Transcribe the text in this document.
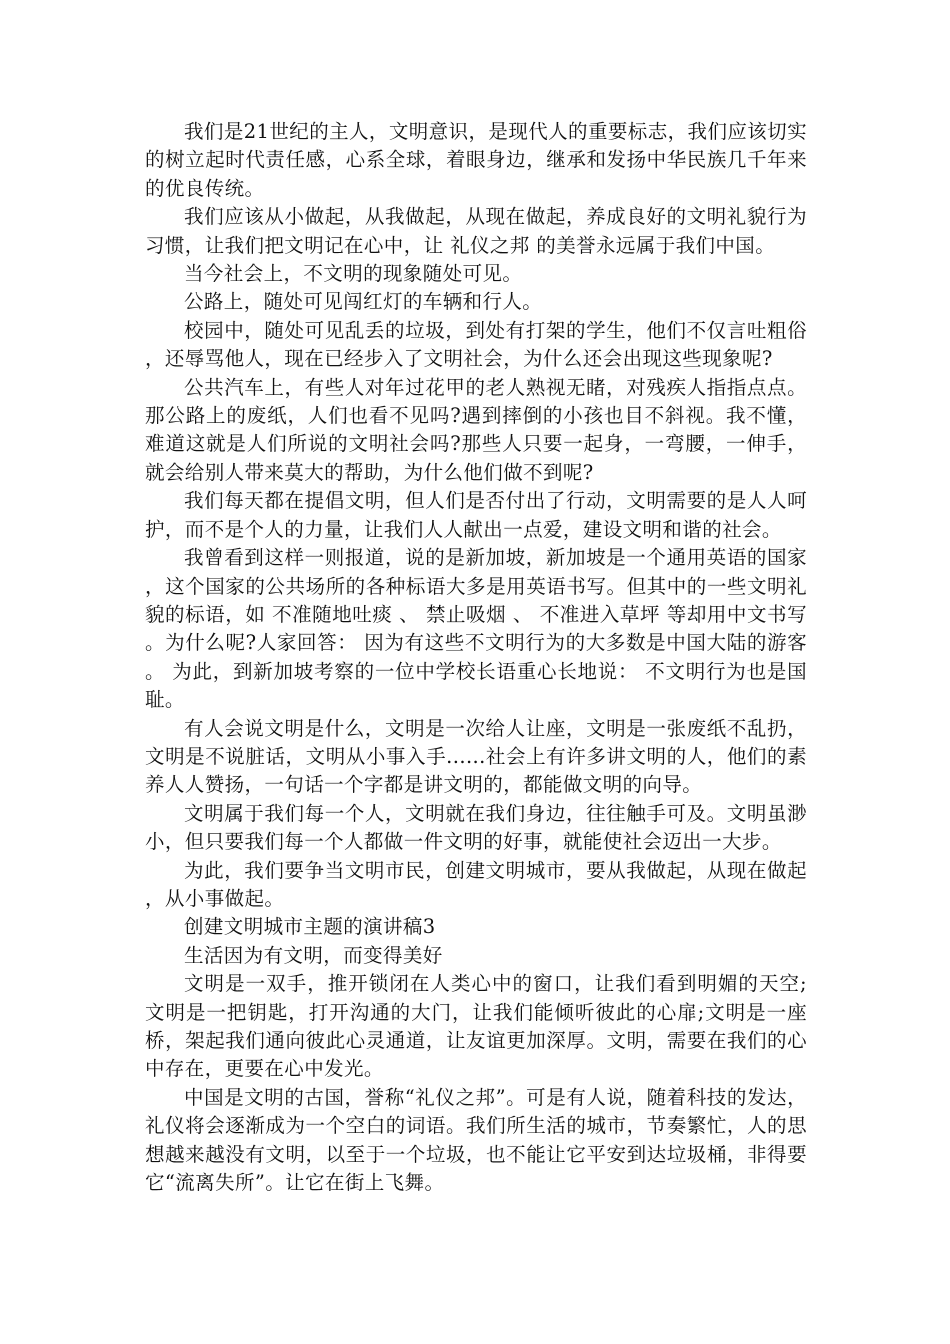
我们是21世纪的主人，文明意识，是现代人的重要标志，我们应该切实的树立起时代责任感，心系全球，着眼身边，继承和发扬中华民族几千年来的优良传统。

我们应该从小做起，从我做起，从现在做起，养成良好的文明礼貌行为习惯，让我们把文明记在心中，让 礼仪之邦 的美誉永远属于我们中国。

当今社会上，不文明的现象随处可见。

公路上，随处可见闯红灯的车辆和行人。

校园中，随处可见乱丢的垃圾，到处有打架的学生，他们不仅言吐粗俗，还辱骂他人，现在已经步入了文明社会，为什么还会出现这些现象呢?

公共汽车上，有些人对年过花甲的老人熟视无睹，对残疾人指指点点。那公路上的废纸，人们也看不见吗?遇到摔倒的小孩也目不斜视。我不懂，难道这就是人们所说的文明社会吗?那些人只要一起身，一弯腰，一伸手，就会给别人带来莫大的帮助，为什么他们做不到呢?

我们每天都在提倡文明，但人们是否付出了行动，文明需要的是人人呵护，而不是个人的力量，让我们人人献出一点爱，建设文明和谐的社会。

我曾看到这样一则报道，说的是新加坡，新加坡是一个通用英语的国家，这个国家的公共场所的各种标语大多是用英语书写。但其中的一些文明礼貌的标语，如 不准随地吐痰 、 禁止吸烟 、 不准进入草坪 等却用中文书写。为什么呢?人家回答： 因为有这些不文明行为的大多数是中国大陆的游客。 为此，到新加坡考察的一位中学校长语重心长地说： 不文明行为也是国耻。

有人会说文明是什么，文明是一次给人让座，文明是一张废纸不乱扔，文明是不说脏话，文明从小事入手......社会上有许多讲文明的人，他们的素养人人赞扬，一句话一个字都是讲文明的，都能做文明的向导。

文明属于我们每一个人，文明就在我们身边，往往触手可及。文明虽渺小，但只要我们每一个人都做一件文明的好事，就能使社会迈出一大步。

为此，我们要争当文明市民，创建文明城市，要从我做起，从现在做起，从小事做起。

创建文明城市主题的演讲稿3

生活因为有文明，而变得美好

文明是一双手，推开锁闭在人类心中的窗口，让我们看到明媚的天空;文明是一把钥匙，打开沟通的大门，让我们能倾听彼此的心扉;文明是一座桥，架起我们通向彼此心灵通道，让友谊更加深厚。文明，需要在我们的心中存在，更要在心中发光。

中国是文明的古国，誉称“礼仪之邦”。可是有人说，随着科技的发达，礼仪将会逐渐成为一个空白的词语。我们所生活的城市，节奏繁忙，人的思想越来越没有文明，以至于一个垃圾，也不能让它平安到达垃圾桶，非得要它“流离失所”。让它在街上飞舞。
